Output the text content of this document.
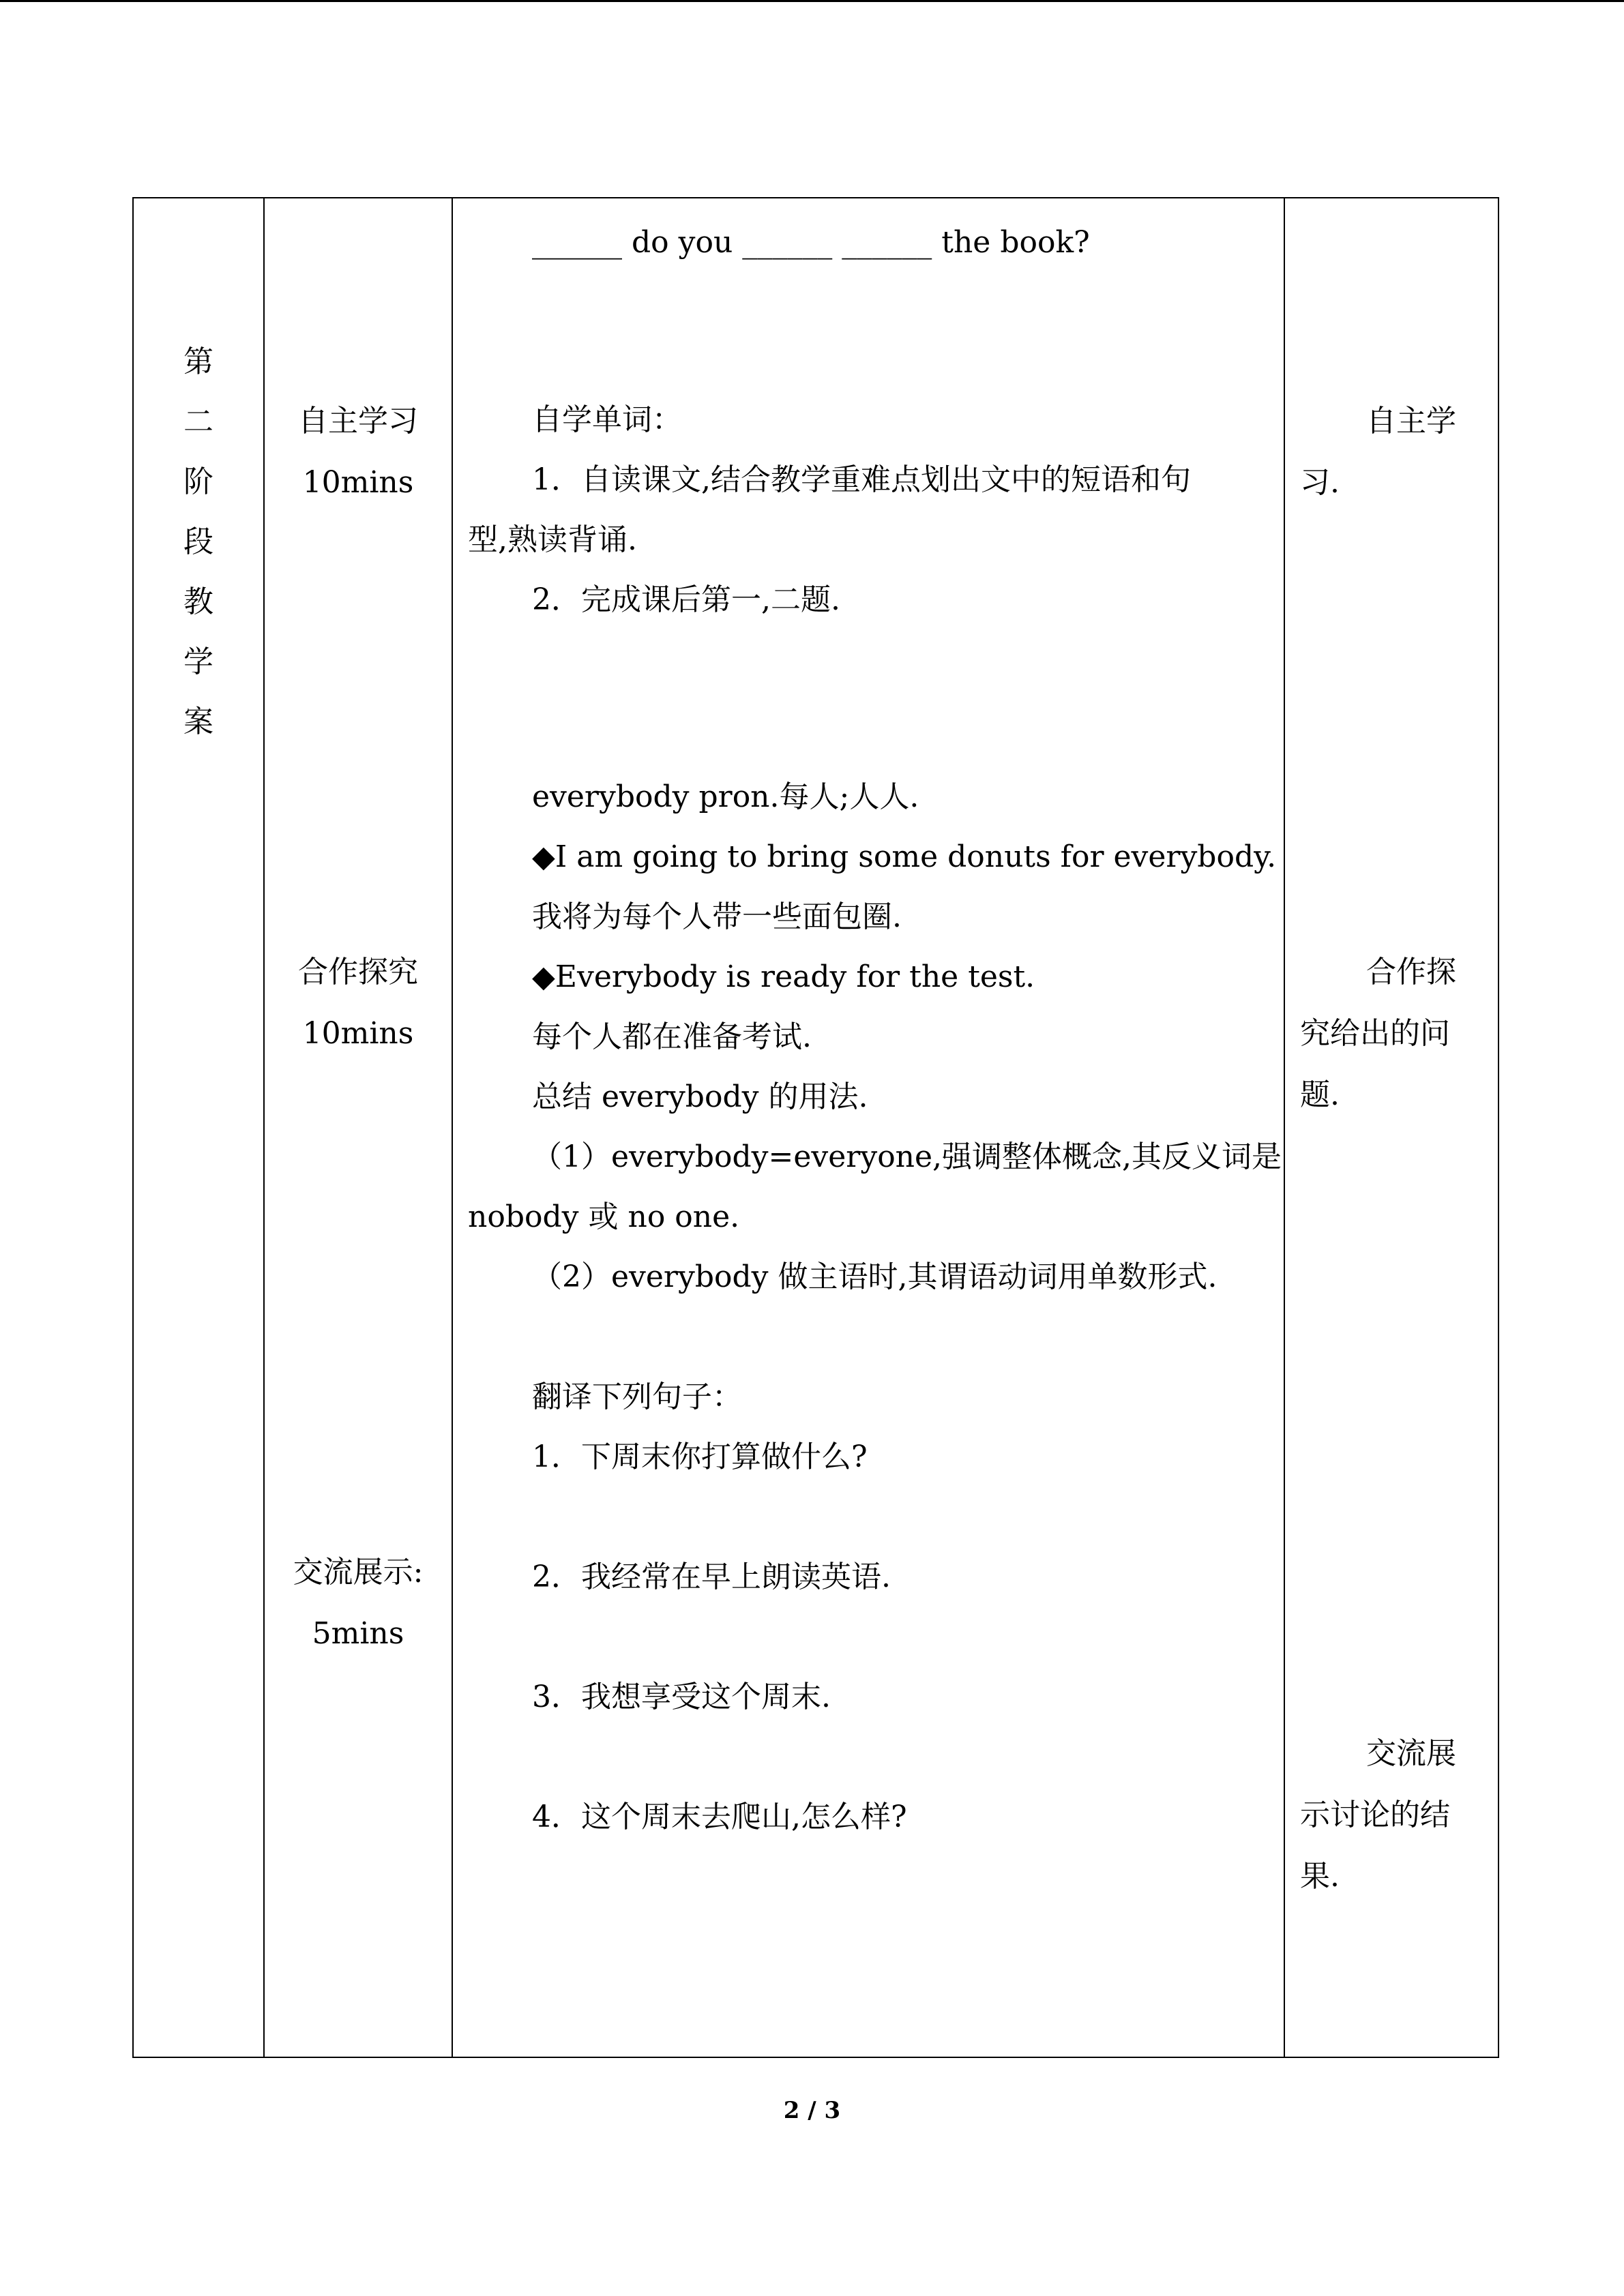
第
二
阶
段
教
学
案

自主学习
10mins
合作探究
10mins
交流展示:
5mins

______ do you ______ ______ the book?
自学单词：
1．自读课文,结合教学重难点划出文中的短语和句
型,熟读背诵.
2．完成课后第一,二题.
everybody pron.每人;人人.
◆I am going to bring some donuts for everybody.
我将为每个人带一些面包圈.
◆Everybody is ready for the test.
每个人都在准备考试.
总结 everybody 的用法.
（1）everybody=everyone,强调整体概念,其反义词是
nobody 或 no one.
（2）everybody 做主语时,其谓语动词用单数形式.
翻译下列句子：
1．下周末你打算做什么?
2．我经常在早上朗读英语.
3．我想享受这个周末.
4．这个周末去爬山,怎么样?

自主学
习.
合作探
究给出的问
题.
交流展
示讨论的结
果.
2 / 3
